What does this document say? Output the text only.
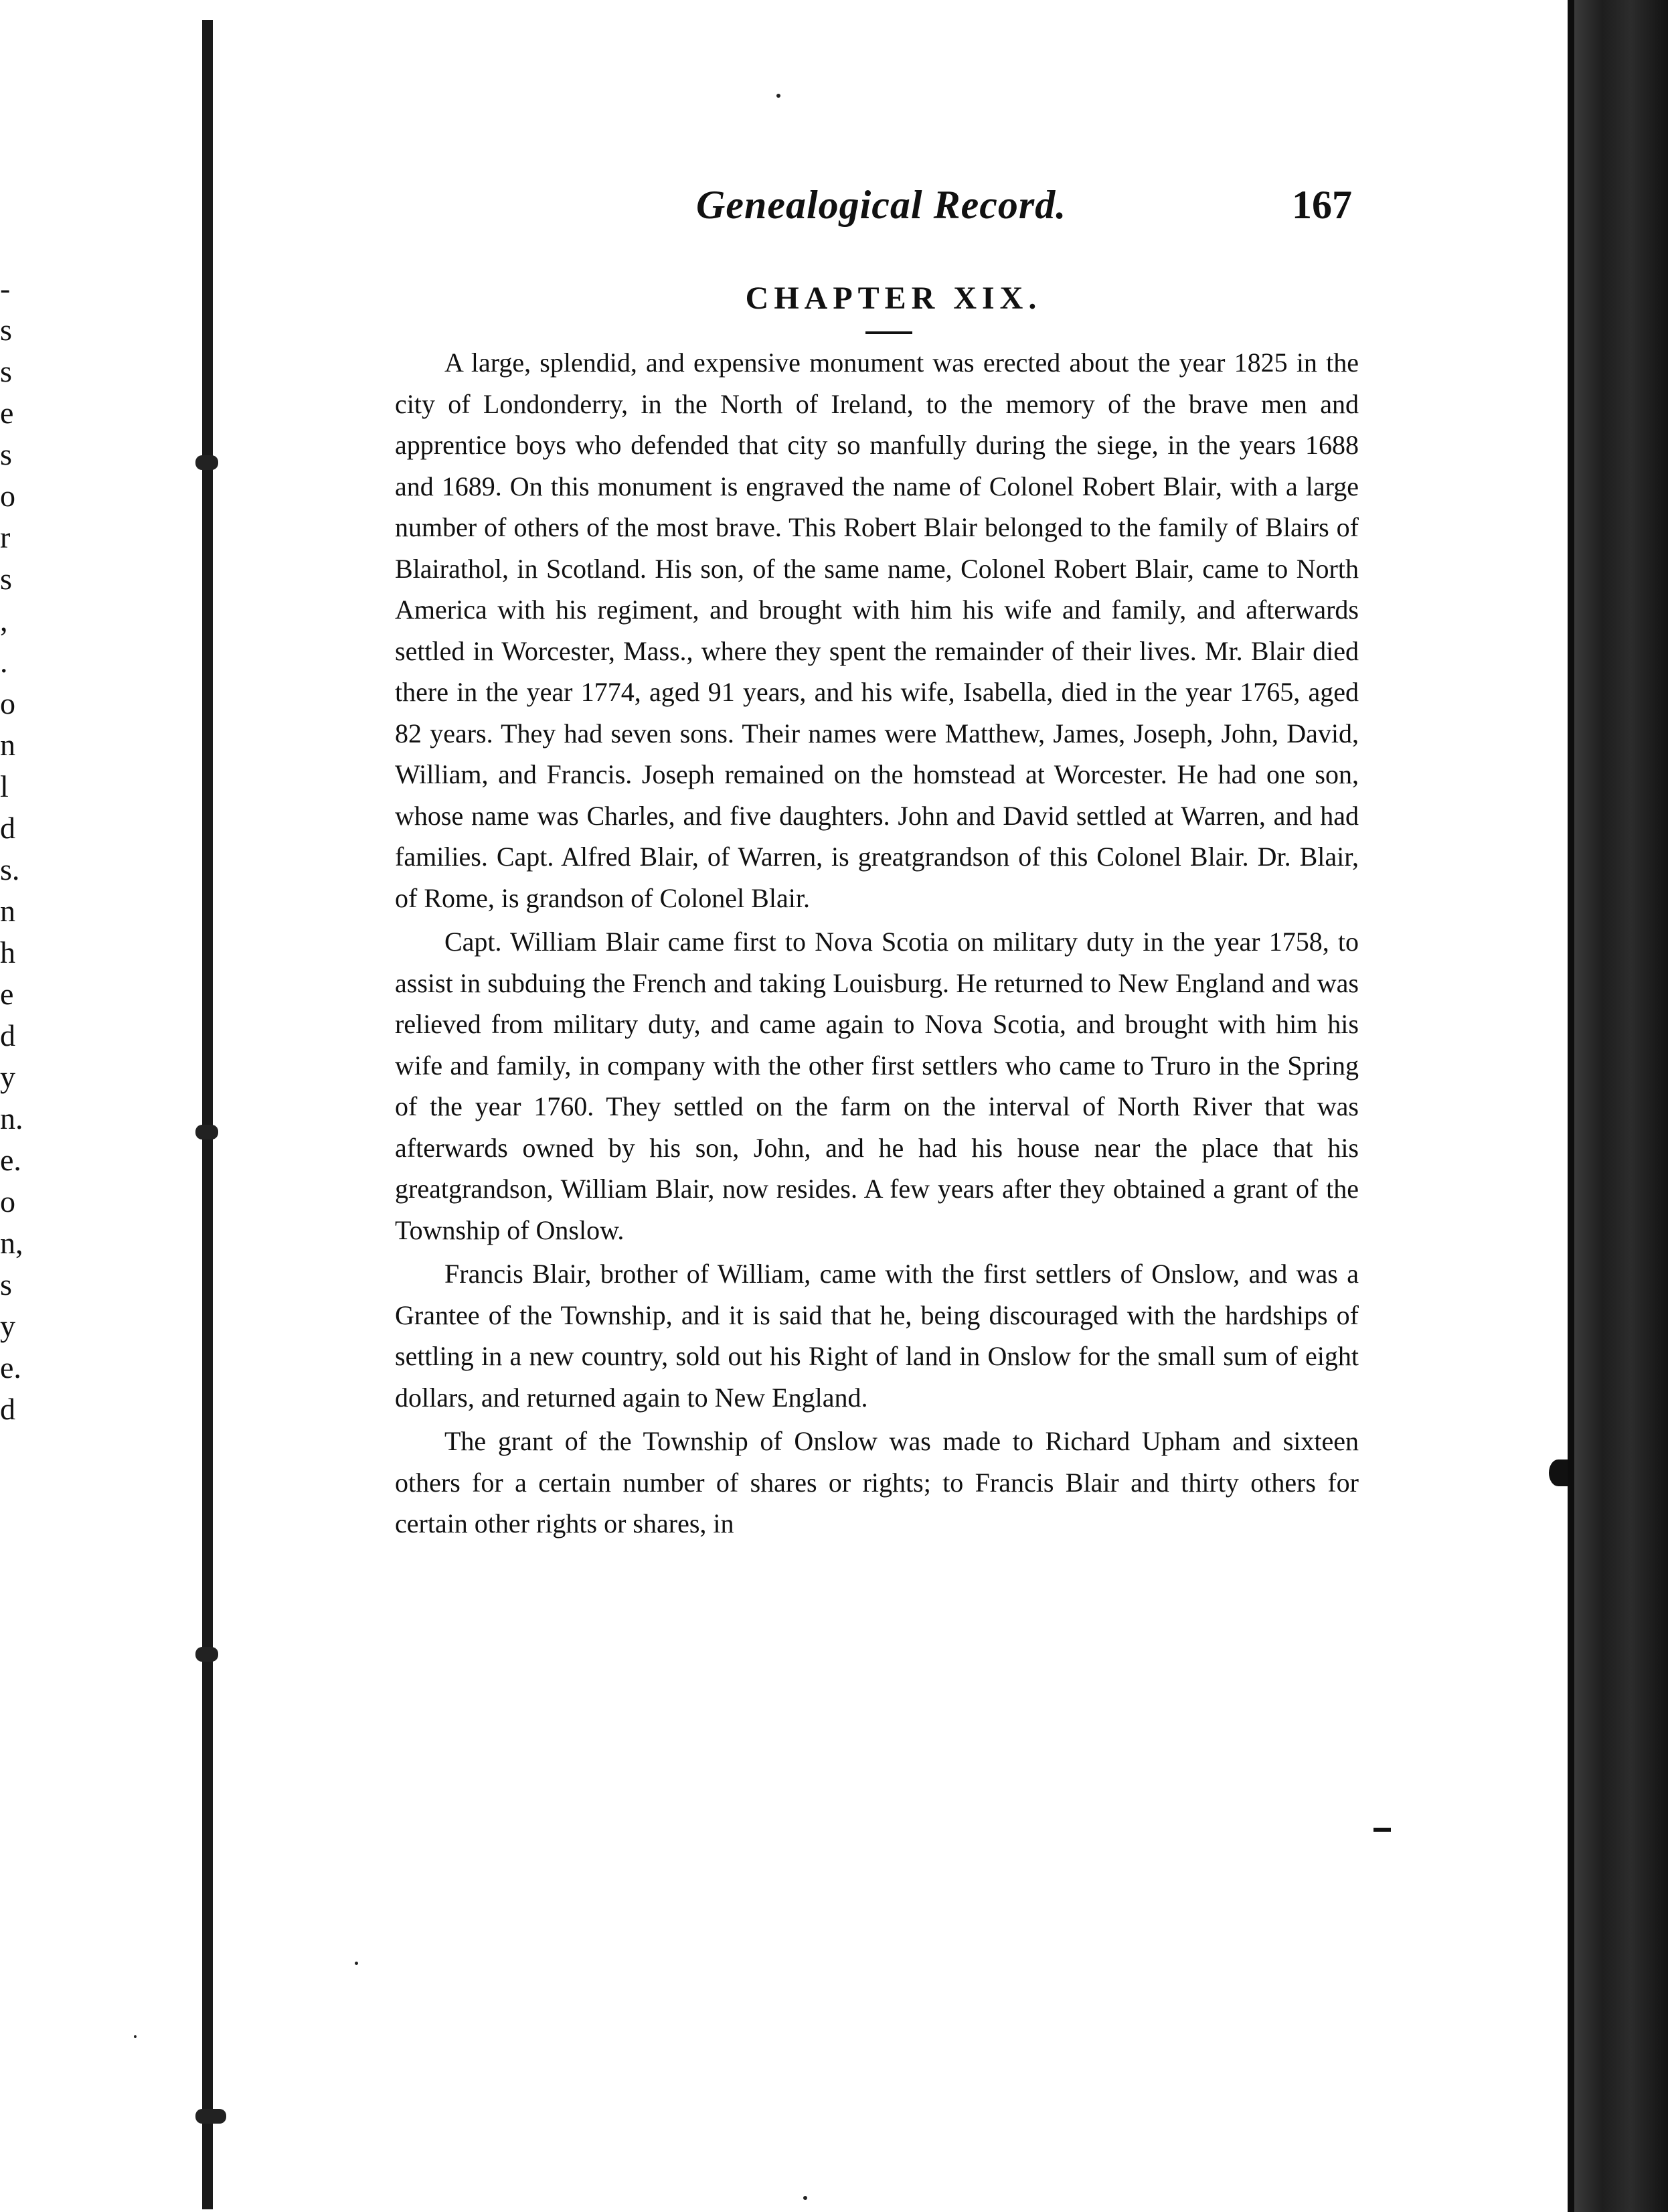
-
s
s
e
s
o
r
s
,
.
o
n
l
d
s.
n
h
e
d
y
n.
e.
o
n,
s
y
e.
d
Genealogical Record.	167
CHAPTER XIX.

A large, splendid, and expensive monument was erected about the year 1825 in the city of Londonderry, in the North of Ireland, to the memory of the brave men and apprentice boys who defended that city so manfully during the siege, in the years 1688 and 1689. On this monument is engraved the name of Colonel Robert Blair, with a large number of others of the most brave. This Robert Blair belonged to the family of Blairs of Blairathol, in Scotland. His son, of the same name, Colonel Robert Blair, came to North America with his regiment, and brought with him his wife and family, and afterwards settled in Worcester, Mass., where they spent the remainder of their lives. Mr. Blair died there in the year 1774, aged 91 years, and his wife, Isabella, died in the year 1765, aged 82 years. They had seven sons. Their names were Matthew, James, Joseph, John, David, William, and Francis. Joseph remained on the homstead at Worcester. He had one son, whose name was Charles, and five daughters. John and David settled at Warren, and had families. Capt. Alfred Blair, of Warren, is greatgrandson of this Colonel Blair. Dr. Blair, of Rome, is grandson of Colonel Blair.

Capt. William Blair came first to Nova Scotia on military duty in the year 1758, to assist in subduing the French and taking Louisburg. He returned to New England and was relieved from military duty, and came again to Nova Scotia, and brought with him his wife and family, in company with the other first settlers who came to Truro in the Spring of the year 1760. They settled on the farm on the interval of North River that was afterwards owned by his son, John, and he had his house near the place that his greatgrandson, William Blair, now resides. A few years after they obtained a grant of the Township of Onslow.

Francis Blair, brother of William, came with the first settlers of Onslow, and was a Grantee of the Township, and it is said that he, being discouraged with the hardships of settling in a new country, sold out his Right of land in Onslow for the small sum of eight dollars, and returned again to New England.

The grant of the Township of Onslow was made to Richard Upham and sixteen others for a certain number of shares or rights; to Francis Blair and thirty others for certain other rights or shares, in
